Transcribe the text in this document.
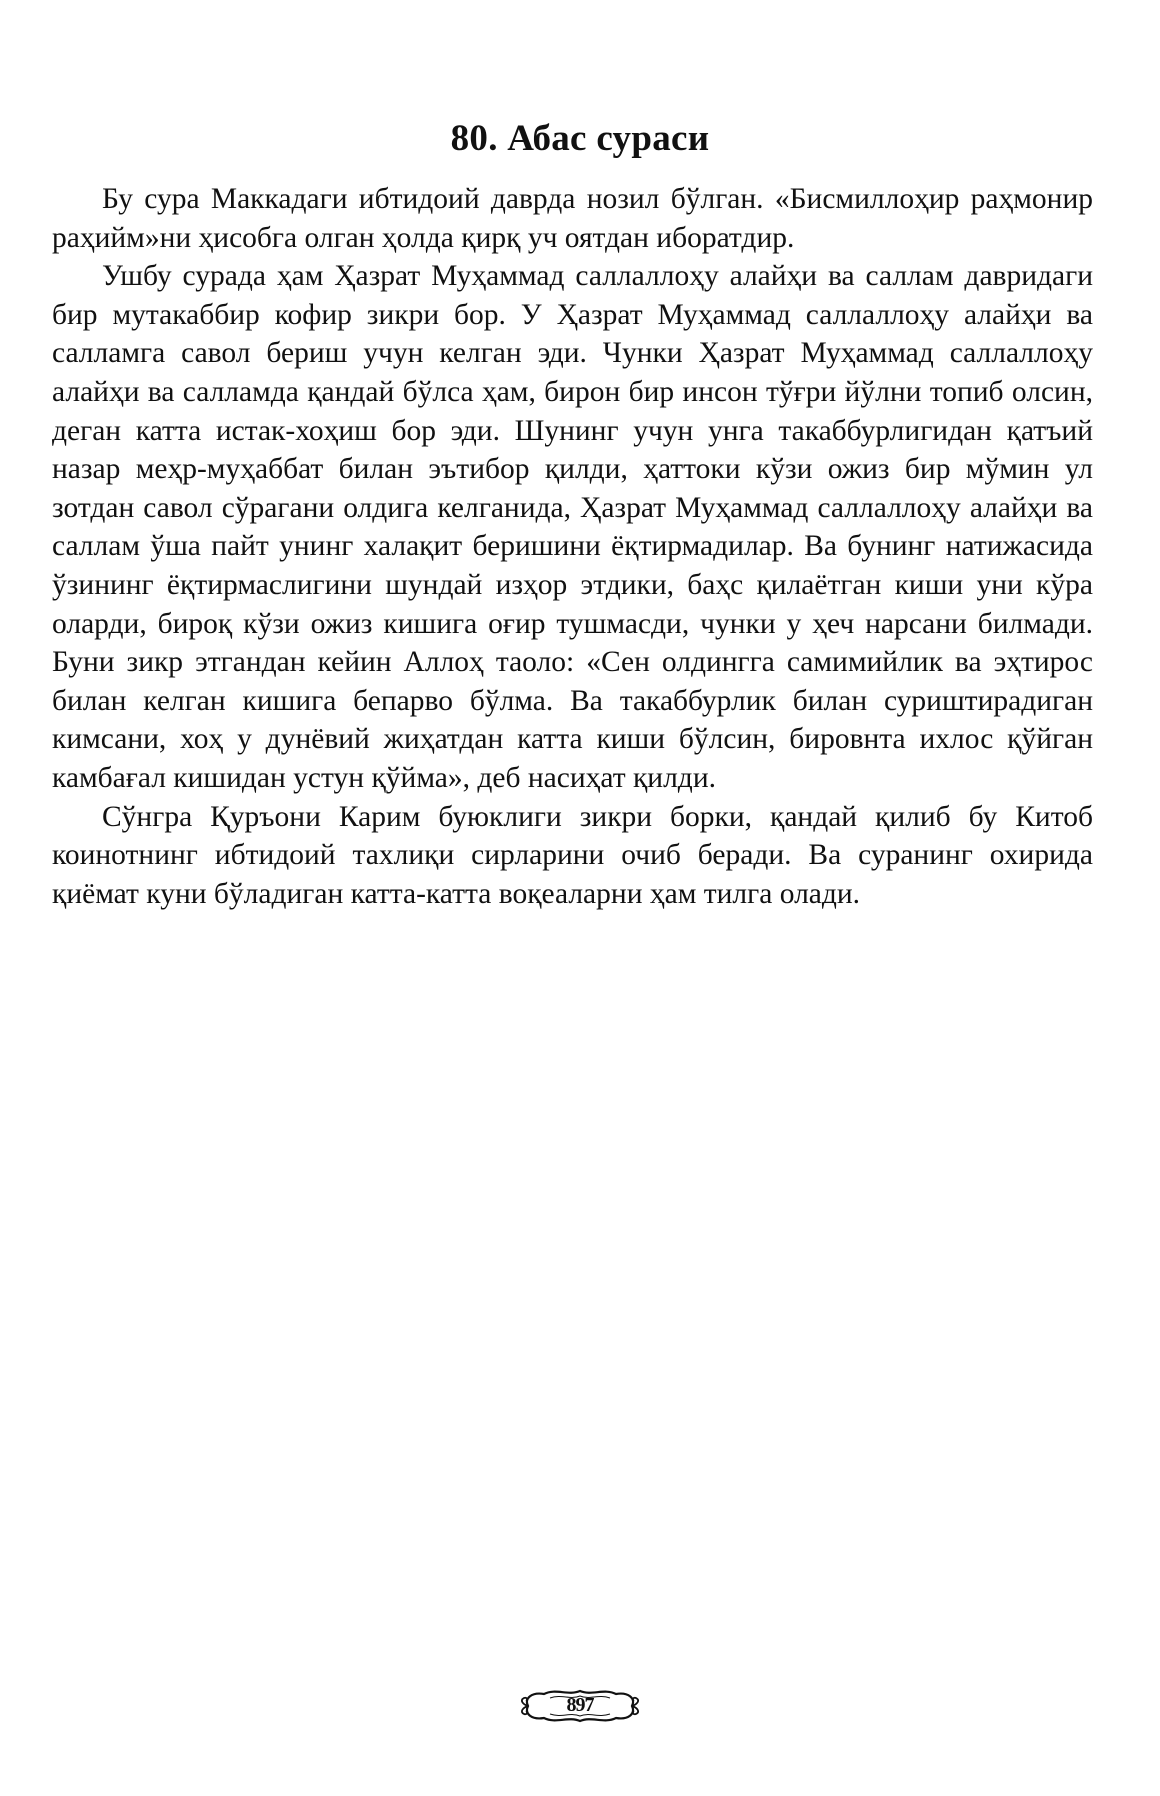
80. Абас сураси

Бу сура Маккадаги ибтидоий даврда нозил бўлган. «Бисмиллоҳир раҳмонир раҳийм»ни ҳисобга олган ҳолда қирқ уч оятдан иборатдир.

Ушбу сурада ҳам Ҳазрат Муҳаммад саллаллоҳу алайҳи ва саллам давридаги бир мутакаббир кофир зикри бор. У Ҳазрат Муҳаммад саллаллоҳу алайҳи ва салламга савол бериш учун келган эди. Чунки Ҳазрат Муҳаммад саллаллоҳу алайҳи ва салламда қандай бўлса ҳам, бирон бир инсон тўғри йўлни топиб олсин, деган катта истак-хоҳиш бор эди. Шунинг учун унга такаббурлигидан қатъий назар меҳр-муҳаббат билан эътибор қилди, ҳаттоки кўзи ожиз бир мўмин ул зотдан савол сўрагани олдига келганида, Ҳазрат Муҳаммад саллаллоҳу алайҳи ва саллам ўша пайт унинг халақит беришини ёқтирмадилар. Ва бунинг натижасида ўзининг ёқтирмаслигини шундай изҳор этдики, баҳс қилаётган киши уни кўра оларди, бироқ кўзи ожиз кишига оғир тушмасди, чунки у ҳеч нарсани билмади. Буни зикр этгандан кейин Аллоҳ таоло: «Сен олдингга самимийлик ва эҳтирос билан келган кишига бепарво бўлма. Ва такаббурлик билан суриштирадиган кимсани, хоҳ у дунёвий жиҳатдан катта киши бўлсин, бировнта ихлос қўйган камбағал кишидан устун қўйма», деб насиҳат қилди.

Сўнгра Қуръони Карим буюклиги зикри борки, қандай қилиб бу Китоб коинотнинг ибтидоий тахлиқи сирларини очиб беради. Ва суранинг охирида қиёмат куни бўладиган катта-катта воқеаларни ҳам тилга олади.

897
